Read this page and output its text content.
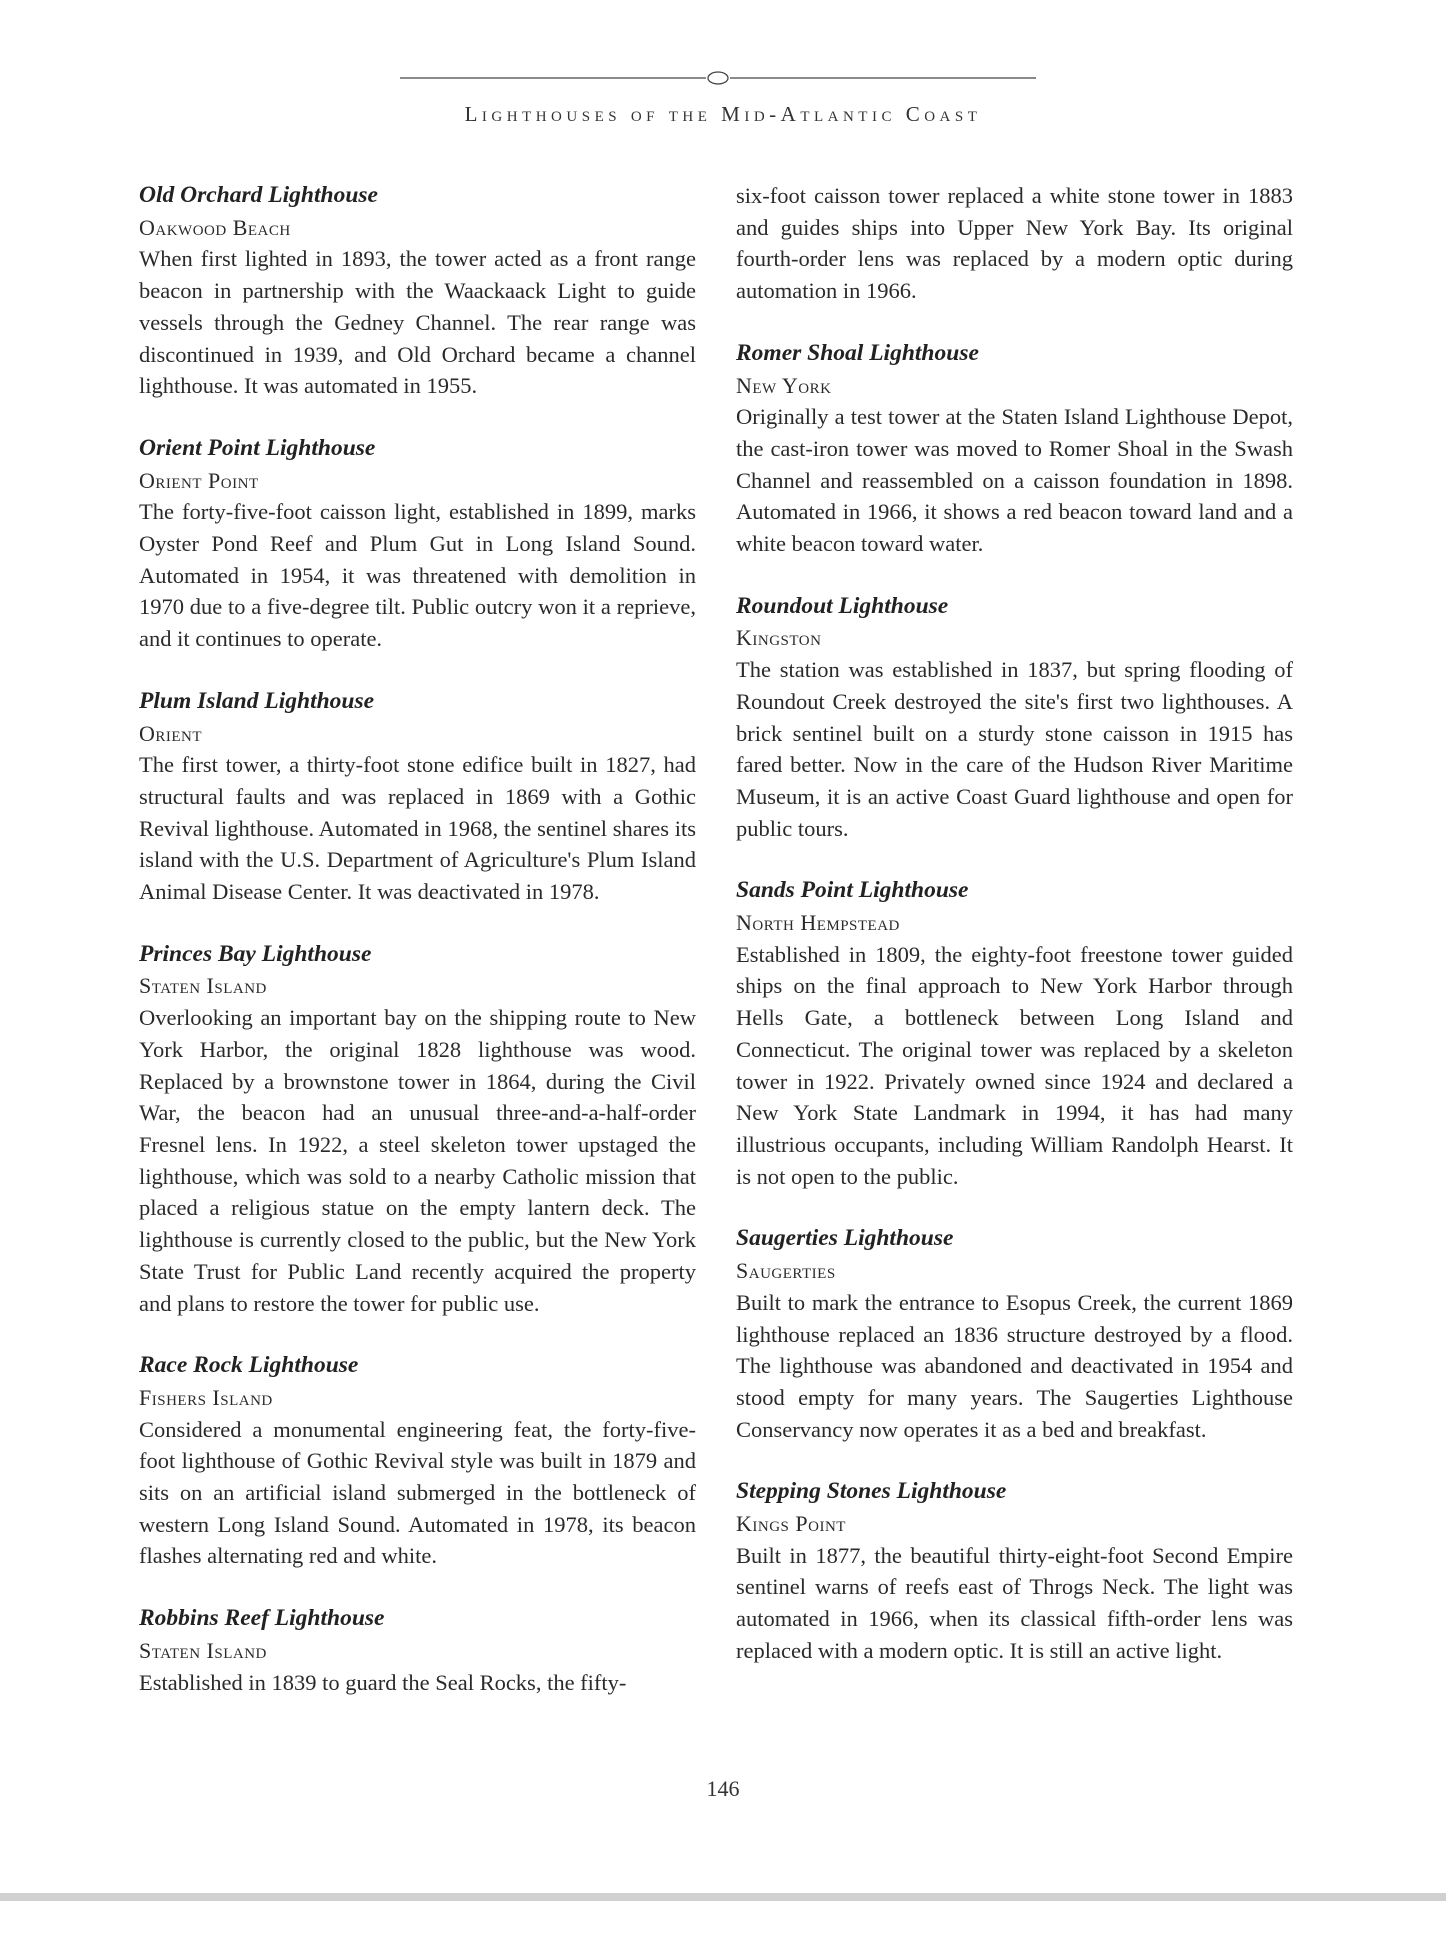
Lighthouses of the Mid-Atlantic Coast
Old Orchard Lighthouse
Oakwood Beach
When first lighted in 1893, the tower acted as a front range beacon in partnership with the Waackaack Light to guide vessels through the Gedney Channel. The rear range was discontinued in 1939, and Old Orchard became a channel lighthouse. It was automated in 1955.
Orient Point Lighthouse
Orient Point
The forty-five-foot caisson light, established in 1899, marks Oyster Pond Reef and Plum Gut in Long Island Sound. Automated in 1954, it was threatened with demolition in 1970 due to a five-degree tilt. Public outcry won it a reprieve, and it continues to operate.
Plum Island Lighthouse
Orient
The first tower, a thirty-foot stone edifice built in 1827, had structural faults and was replaced in 1869 with a Gothic Revival lighthouse. Automated in 1968, the sentinel shares its island with the U.S. Department of Agriculture's Plum Island Animal Disease Center. It was deactivated in 1978.
Princes Bay Lighthouse
Staten Island
Overlooking an important bay on the shipping route to New York Harbor, the original 1828 lighthouse was wood. Replaced by a brownstone tower in 1864, during the Civil War, the beacon had an unusual three-and-a-half-order Fresnel lens. In 1922, a steel skeleton tower upstaged the lighthouse, which was sold to a nearby Catholic mission that placed a religious statue on the empty lantern deck. The lighthouse is currently closed to the public, but the New York State Trust for Public Land recently acquired the property and plans to restore the tower for public use.
Race Rock Lighthouse
Fishers Island
Considered a monumental engineering feat, the forty-five-foot lighthouse of Gothic Revival style was built in 1879 and sits on an artificial island submerged in the bottleneck of western Long Island Sound. Automated in 1978, its beacon flashes alternating red and white.
Robbins Reef Lighthouse
Staten Island
Established in 1839 to guard the Seal Rocks, the fifty-
six-foot caisson tower replaced a white stone tower in 1883 and guides ships into Upper New York Bay. Its original fourth-order lens was replaced by a modern optic during automation in 1966.
Romer Shoal Lighthouse
New York
Originally a test tower at the Staten Island Lighthouse Depot, the cast-iron tower was moved to Romer Shoal in the Swash Channel and reassembled on a caisson foundation in 1898. Automated in 1966, it shows a red beacon toward land and a white beacon toward water.
Roundout Lighthouse
Kingston
The station was established in 1837, but spring flooding of Roundout Creek destroyed the site's first two lighthouses. A brick sentinel built on a sturdy stone caisson in 1915 has fared better. Now in the care of the Hudson River Maritime Museum, it is an active Coast Guard lighthouse and open for public tours.
Sands Point Lighthouse
North Hempstead
Established in 1809, the eighty-foot freestone tower guided ships on the final approach to New York Harbor through Hells Gate, a bottleneck between Long Island and Connecticut. The original tower was replaced by a skeleton tower in 1922. Privately owned since 1924 and declared a New York State Landmark in 1994, it has had many illustrious occupants, including William Randolph Hearst. It is not open to the public.
Saugerties Lighthouse
Saugerties
Built to mark the entrance to Esopus Creek, the current 1869 lighthouse replaced an 1836 structure destroyed by a flood. The lighthouse was abandoned and deactivated in 1954 and stood empty for many years. The Saugerties Lighthouse Conservancy now operates it as a bed and breakfast.
Stepping Stones Lighthouse
Kings Point
Built in 1877, the beautiful thirty-eight-foot Second Empire sentinel warns of reefs east of Throgs Neck. The light was automated in 1966, when its classical fifth-order lens was replaced with a modern optic. It is still an active light.
146
